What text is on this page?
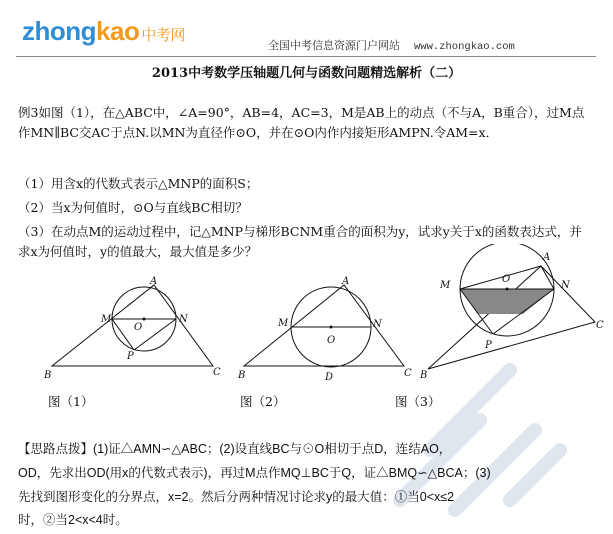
zhongkao 中考网
全国中考信息资源门户网站 www.zhongkao.com
2013中考数学压轴题几何与函数问题精选解析（二）
例3如图（1），在△ABC中，∠A=90°，AB=4，AC=3，M是AB上的动点（不与A，B重合），过M点作MN∥BC交AC于点N.以MN为直径作⊙O，并在⊙O内作内接矩形AMPN.令AM=x．
（1）用含x的代数式表示△MNP的面积S；
（2）当x为何值时，⊙O与直线BC相切？
（3）在动点M的运动过程中，记△MNP与梯形BCNM重合的面积为y，试求y关于x的函数表达式，并求x为何值时，y的值最大，最大值是多少？
A
M	N
O
P
B	C
图（1）
A
M	N
O
B	D	C
图（2）
A
M	N
O
P
B
C
图（3）
【思路点拨】(1)证△AMN∽△ABC；(2)设直线BC与⊙O相切于点D，连结AO，
OD，先求出OD(用x的代数式表示)，再过M点作MQ⊥BC于Q，证△BMQ∽△BCA；(3)
先找到图形变化的分界点，x=2。然后分两种情况讨论求y的最大值：①当0<x≤2
时，②当2<x<4时。
